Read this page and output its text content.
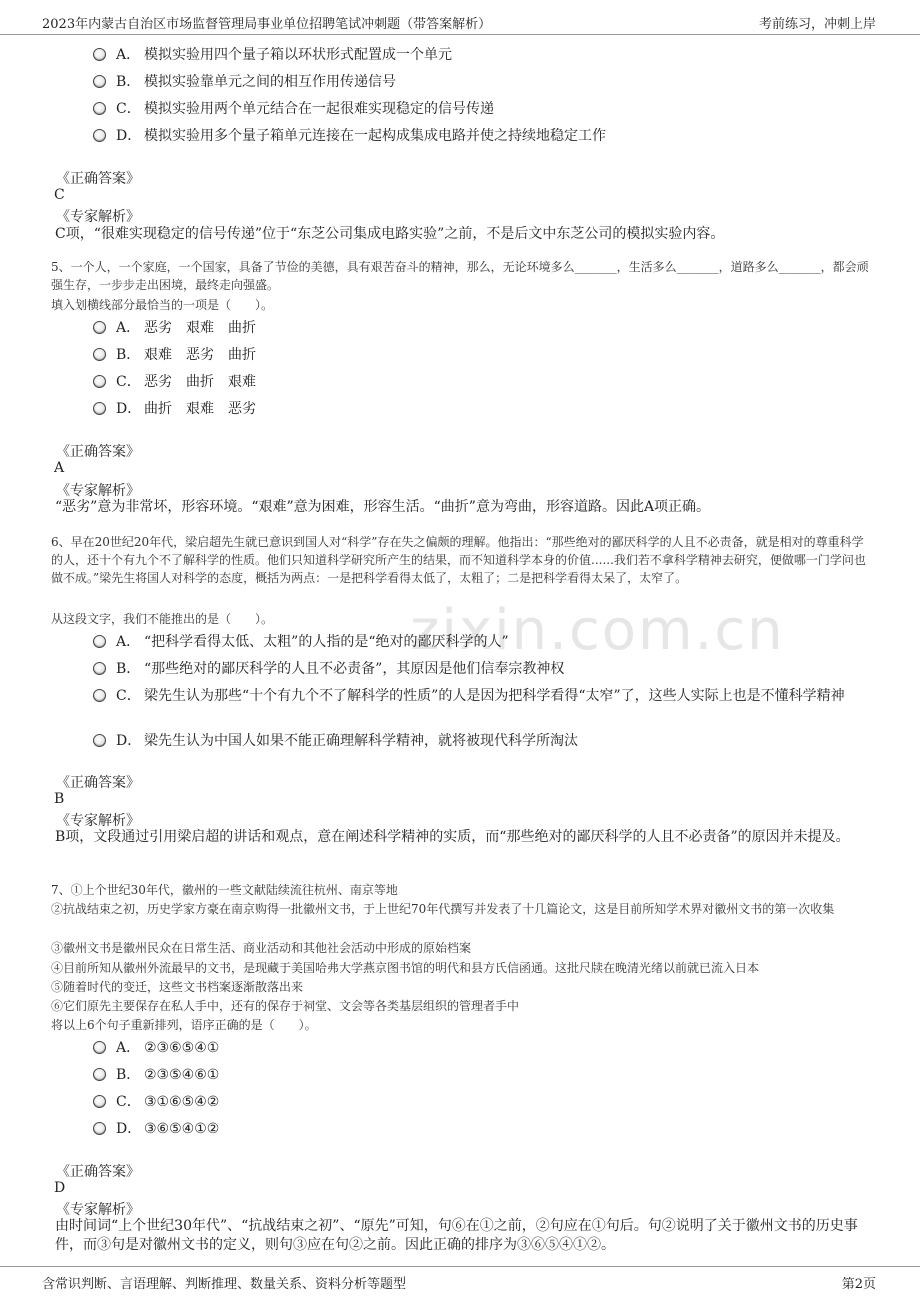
2023年内蒙古自治区市场监督管理局事业单位招聘笔试冲刺题（带答案解析）	考前练习，冲刺上岸
zixin.com.cn
A． 模拟实验用四个量子箱以环状形式配置成一个单元
B． 模拟实验靠单元之间的相互作用传递信号
C． 模拟实验用两个单元结合在一起很难实现稳定的信号传递
D． 模拟实验用多个量子箱单元连接在一起构成集成电路并使之持续地稳定工作
《正确答案》
C
《专家解析》
C项，“很难实现稳定的信号传递”位于“东芝公司集成电路实验”之前，不是后文中东芝公司的模拟实验内容。
5、一个人，一个家庭，一个国家，具备了节俭的美德，具有艰苦奋斗的精神，那么，无论环境多么_______，生活多么_______，道路多么_______，都会顽强生存，一步步走出困境，最终走向强盛。
填入划横线部分最恰当的一项是（　　）。
A． 恶劣　艰难　曲折
B． 艰难　恶劣　曲折
C． 恶劣　曲折　艰难
D． 曲折　艰难　恶劣
《正确答案》
A
《专家解析》
“恶劣”意为非常坏，形容环境。“艰难”意为困难，形容生活。“曲折”意为弯曲，形容道路。因此A项正确。
6、早在20世纪20年代，梁启超先生就已意识到国人对“科学”存在失之偏颇的理解。他指出：“那些绝对的鄙厌科学的人且不必责备，就是相对的尊重科学的人，还十个有九个不了解科学的性质。他们只知道科学研究所产生的结果，而不知道科学本身的价值......我们若不拿科学精神去研究，便做哪一门学问也做不成。”梁先生将国人对科学的态度，概括为两点：一是把科学看得太低了，太粗了；二是把科学看得太呆了，太窄了。
从这段文字，我们不能推出的是（　　）。
A． “把科学看得太低、太粗”的人指的是“绝对的鄙厌科学的人”
B． “那些绝对的鄙厌科学的人且不必责备”，其原因是他们信奉宗教神权
C． 梁先生认为那些“十个有九个不了解科学的性质”的人是因为把科学看得“太窄”了，这些人实际上也是不懂科学精神
D． 梁先生认为中国人如果不能正确理解科学精神，就将被现代科学所淘汰
《正确答案》
B
《专家解析》
B项，文段通过引用梁启超的讲话和观点，意在阐述科学精神的实质，而“那些绝对的鄙厌科学的人且不必责备”的原因并未提及。
7、①上个世纪30年代，徽州的一些文献陆续流往杭州、南京等地
②抗战结束之初，历史学家方豪在南京购得一批徽州文书，于上世纪70年代撰写并发表了十几篇论文，这是目前所知学术界对徽州文书的第一次收集
③徽州文书是徽州民众在日常生活、商业活动和其他社会活动中形成的原始档案
④目前所知从徽州外流最早的文书，是现藏于美国哈弗大学燕京图书馆的明代和县方氏信函通。这批尺牍在晚清光绪以前就已流入日本
⑤随着时代的变迁，这些文书档案逐渐散落出来
⑥它们原先主要保存在私人手中，还有的保存于祠堂、文会等各类基层组织的管理者手中
将以上6个句子重新排列，语序正确的是（　　）。
A． ②③⑥⑤④①
B． ②③⑤④⑥①
C． ③①⑥⑤④②
D． ③⑥⑤④①②
《正确答案》
D
《专家解析》
由时间词“上个世纪30年代”、“抗战结束之初”、“原先”可知，句⑥在①之前，②句应在①句后。句②说明了关于徽州文书的历史事件，而③句是对徽州文书的定义，则句③应在句②之前。因此正确的排序为③⑥⑤④①②。
含常识判断、言语理解、判断推理、数量关系、资料分析等题型	第2页
